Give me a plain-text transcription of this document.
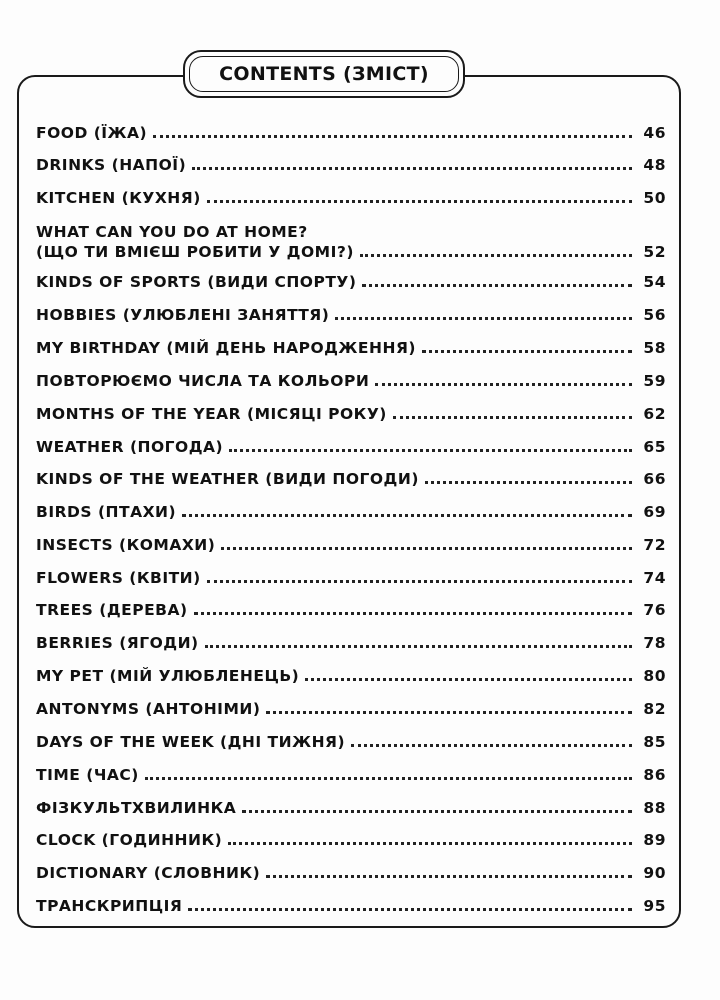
CONTENTS (ЗМІСТ)
FOOD (ЇЖА)	46
DRINKS (НАПОЇ)	48
KITCHEN (КУХНЯ)	50
WHAT CAN YOU DO AT HOME?
(ЩО ТИ ВМІЄШ РОБИТИ У ДОМІ?)	52
KINDS OF SPORTS (ВИДИ СПОРТУ)	54
HOBBIES (УЛЮБЛЕНІ ЗАНЯТТЯ)	56
MY BIRTHDAY (МІЙ ДЕНЬ НАРОДЖЕННЯ)	58
ПОВТОРЮЄМО ЧИСЛА ТА КОЛЬОРИ	59
MONTHS OF THE YEAR (МІСЯЦІ РОКУ)	62
WEATHER (ПОГОДА)	65
KINDS OF THE WEATHER (ВИДИ ПОГОДИ)	66
BIRDS (ПТАХИ)	69
INSECTS (КОМАХИ)	72
FLOWERS (КВІТИ)	74
TREES (ДЕРЕВА)	76
BERRIES (ЯГОДИ)	78
MY PET (МІЙ УЛЮБЛЕНЕЦЬ)	80
ANTONYMS (АНТОНІМИ)	82
DAYS OF THE WEEK (ДНІ ТИЖНЯ)	85
TIME (ЧАС)	86
ФІЗКУЛЬТХВИЛИНКА	88
CLOCK (ГОДИННИК)	89
DICTIONARY (СЛОВНИК)	90
ТРАНСКРИПЦІЯ	95
